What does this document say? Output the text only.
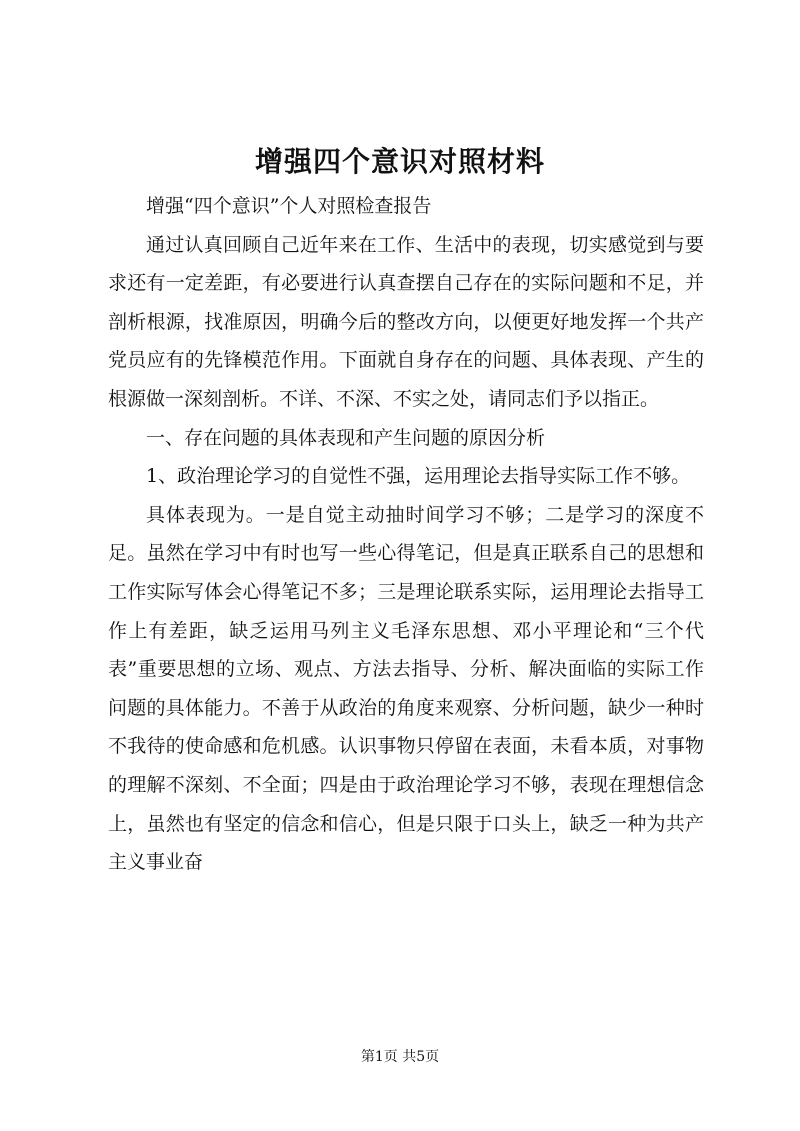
增强四个意识对照材料

增强“四个意识”个人对照检查报告

通过认真回顾自己近年来在工作、生活中的表现，切实感觉到与要求还有一定差距，有必要进行认真查摆自己存在的实际问题和不足，并剖析根源，找准原因，明确今后的整改方向，以便更好地发挥一个共产党员应有的先锋模范作用。下面就自身存在的问题、具体表现、产生的根源做一深刻剖析。不详、不深、不实之处，请同志们予以指正。

一、存在问题的具体表现和产生问题的原因分析

1、政治理论学习的自觉性不强，运用理论去指导实际工作不够。

具体表现为。一是自觉主动抽时间学习不够；二是学习的深度不足。虽然在学习中有时也写一些心得笔记，但是真正联系自己的思想和工作实际写体会心得笔记不多；三是理论联系实际，运用理论去指导工作上有差距，缺乏运用马列主义毛泽东思想、邓小平理论和“三个代表”重要思想的立场、观点、方法去指导、分析、解决面临的实际工作问题的具体能力。不善于从政治的角度来观察、分析问题，缺少一种时不我待的使命感和危机感。认识事物只停留在表面，未看本质，对事物的理解不深刻、不全面；四是由于政治理论学习不够，表现在理想信念上，虽然也有坚定的信念和信心，但是只限于口头上，缺乏一种为共产主义事业奋

第1页 共5页
